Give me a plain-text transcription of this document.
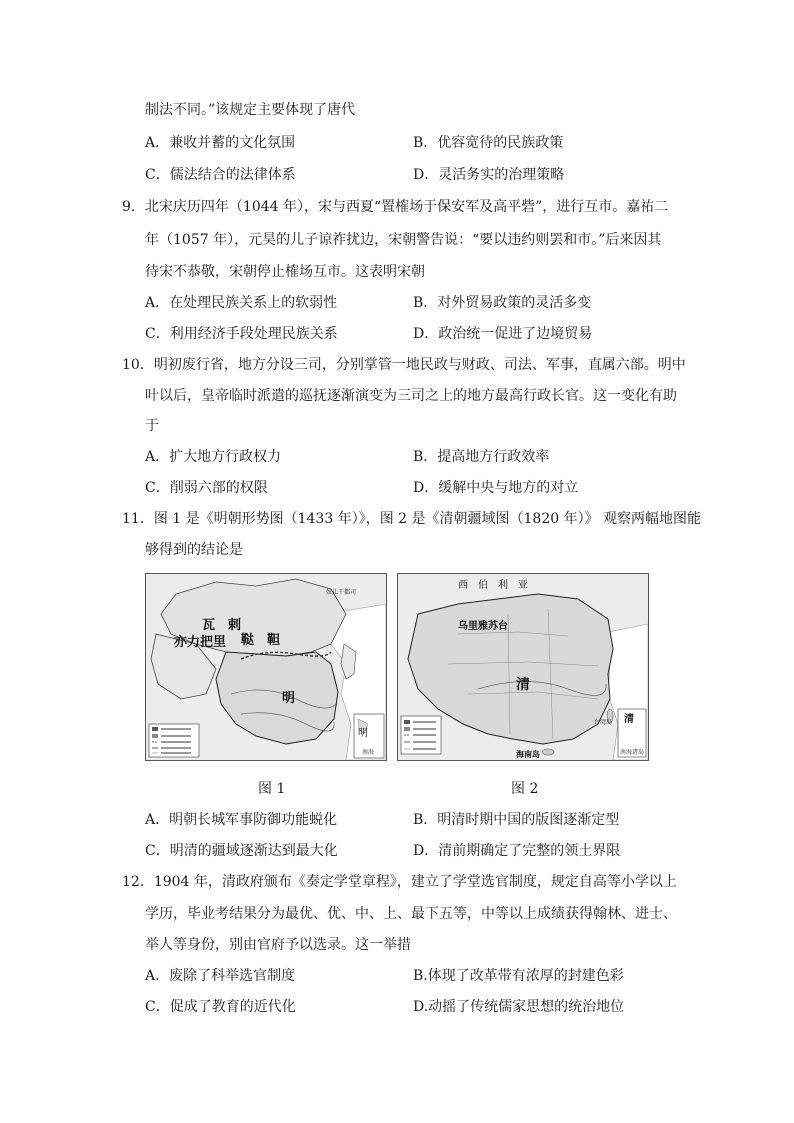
制法不同。”该规定主要体现了唐代
A．兼收并蓄的文化氛围	B．优容宽待的民族政策
C．儒法结合的法律体系	D．灵活务实的治理策略
9．北宋庆历四年（1044 年），宋与西夏“置榷场于保安军及高平砦”，进行互市。嘉祐二
年（1057 年），元昊的儿子谅祚扰边，宋朝警告说：“要以违约则罢和市。”后来因其
待宋不恭敬，宋朝停止榷场互市。这表明宋朝
A．在处理民族关系上的软弱性	B．对外贸易政策的灵活多变
C．利用经济手段处理民族关系	D．政治统一促进了边境贸易
10．明初废行省，地方分设三司，分别掌管一地民政与财政、司法、军事，直属六部。明中
叶以后，皇帝临时派遣的巡抚逐渐演变为三司之上的地方最高行政长官。这一变化有助
于
A．扩大地方行政权力	B．提高地方行政效率
C．削弱六部的权限	D．缓解中央与地方的对立
11．图 1 是《明朝形势图（1433 年）》，图 2 是《清朝疆域图（1820 年）》 观察两幅地图能
够得到的结论是
瓦　剌
鞑　靼
亦力把里
明
明
奴儿干都司
南海
西　伯　利　亚
乌里雅苏台
清
清
台湾岛
海南岛	南海诸岛
图 1	图 2
A．明朝长城军事防御功能蜕化	B．明清时期中国的版图逐渐定型
C．明清的疆域逐渐达到最大化	D．清前期确定了完整的领土界限
12．1904 年，清政府颁布《奏定学堂章程》，建立了学堂选官制度，规定自高等小学以上
学历，毕业考结果分为最优、优、中、上、最下五等，中等以上成绩获得翰林、进士、
举人等身份，别由官府予以选录。这一举措
A．废除了科举选官制度	B.体现了改革带有浓厚的封建色彩
C．促成了教育的近代化	D.动摇了传统儒家思想的统治地位
